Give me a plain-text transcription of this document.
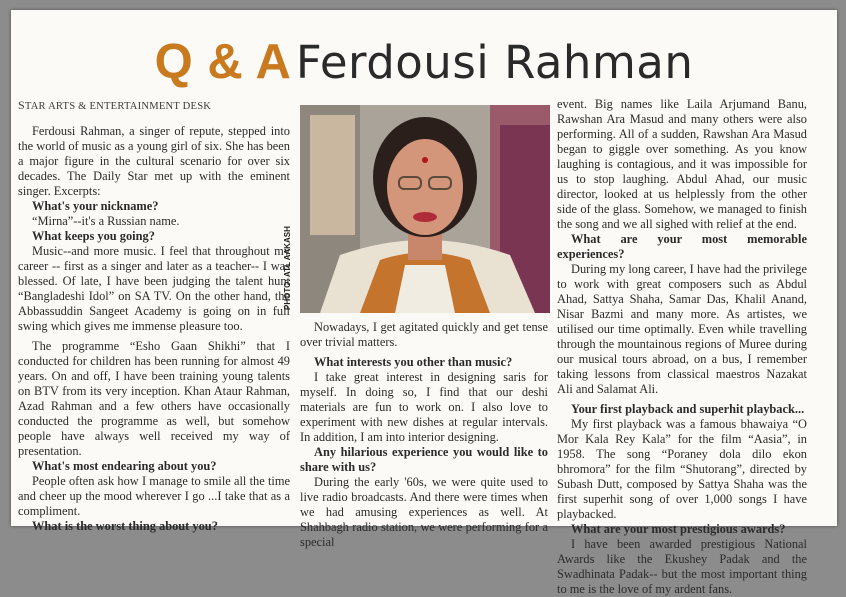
Q & A Ferdousi Rahman

STAR ARTS & ENTERTAINMENT DESK

Ferdousi Rahman, a singer of repute, stepped into the world of music as a young girl of six. She has been a major figure in the cultural scenario for over six decades. The Daily Star met up with the eminent singer. Excerpts:

What's your nickname?

“Mirna”--it's a Russian name.

What keeps you going?

Music--and more music. I feel that throughout my career -- first as a singer and later as a teacher-- I was blessed. Of late, I have been judging the talent hunt “Bangladeshi Idol” on SA TV. On the other hand, the Abbassuddin Sangeet Academy is going on in full swing which gives me immense pleasure too.

The programme “Esho Gaan Shikhi” that I conducted for children has been running for almost 49 years. On and off, I have been training young talents on BTV from its very inception. Khan Ataur Rahman, Azad Rahman and a few others have occasionally conducted the programme as well, but somehow people have always well received my way of presentation.

What's most endearing about you?

People often ask how I manage to smile all the time and cheer up the mood wherever I go ...I take that as a compliment.

What is the worst thing about you?

PHOTO: ATL AAKASH

Nowadays, I get agitated quickly and get tense over trivial matters.

What interests you other than music?

I take great interest in designing saris for myself. In doing so, I find that our deshi materials are fun to work on. I also love to experiment with new dishes at regular intervals. In addition, I am into interior designing.

Any hilarious experience you would like to share with us?

During the early '60s, we were quite used to live radio broadcasts. And there were times when we had amusing experiences as well. At Shahbagh radio station, we were performing for a special

event. Big names like Laila Arjumand Banu, Rawshan Ara Masud and many others were also performing. All of a sudden, Rawshan Ara Masud began to giggle over something. As you know laughing is contagious, and it was impossible for us to stop laughing. Abdul Ahad, our music director, looked at us helplessly from the other side of the glass. Somehow, we managed to finish the song and we all sighed with relief at the end.

What are your most memorable experiences?

During my long career, I have had the privilege to work with great composers such as Abdul Ahad, Sattya Shaha, Samar Das, Khalil Anand, Nisar Bazmi and many more. As artistes, we utilised our time optimally. Even while travelling through the mountainous regions of Muree during our musical tours abroad, on a bus, I remember taking lessons from classical maestros Nazakat Ali and Salamat Ali.

Your first playback and superhit playback...

My first playback was a famous bhawaiya “O Mor Kala Rey Kala” for the film “Aasia”, in 1958. The song “Poraney dola dilo ekon bhromora” for the film “Shutorang”, directed by Subash Dutt, composed by Sattya Shaha was the first superhit song of over 1,000 songs I have playbacked.

What are your most prestigious awards?

I have been awarded prestigious National Awards like the Ekushey Padak and the Swadhinata Padak-- but the most important thing to me is the love of my ardent fans.
